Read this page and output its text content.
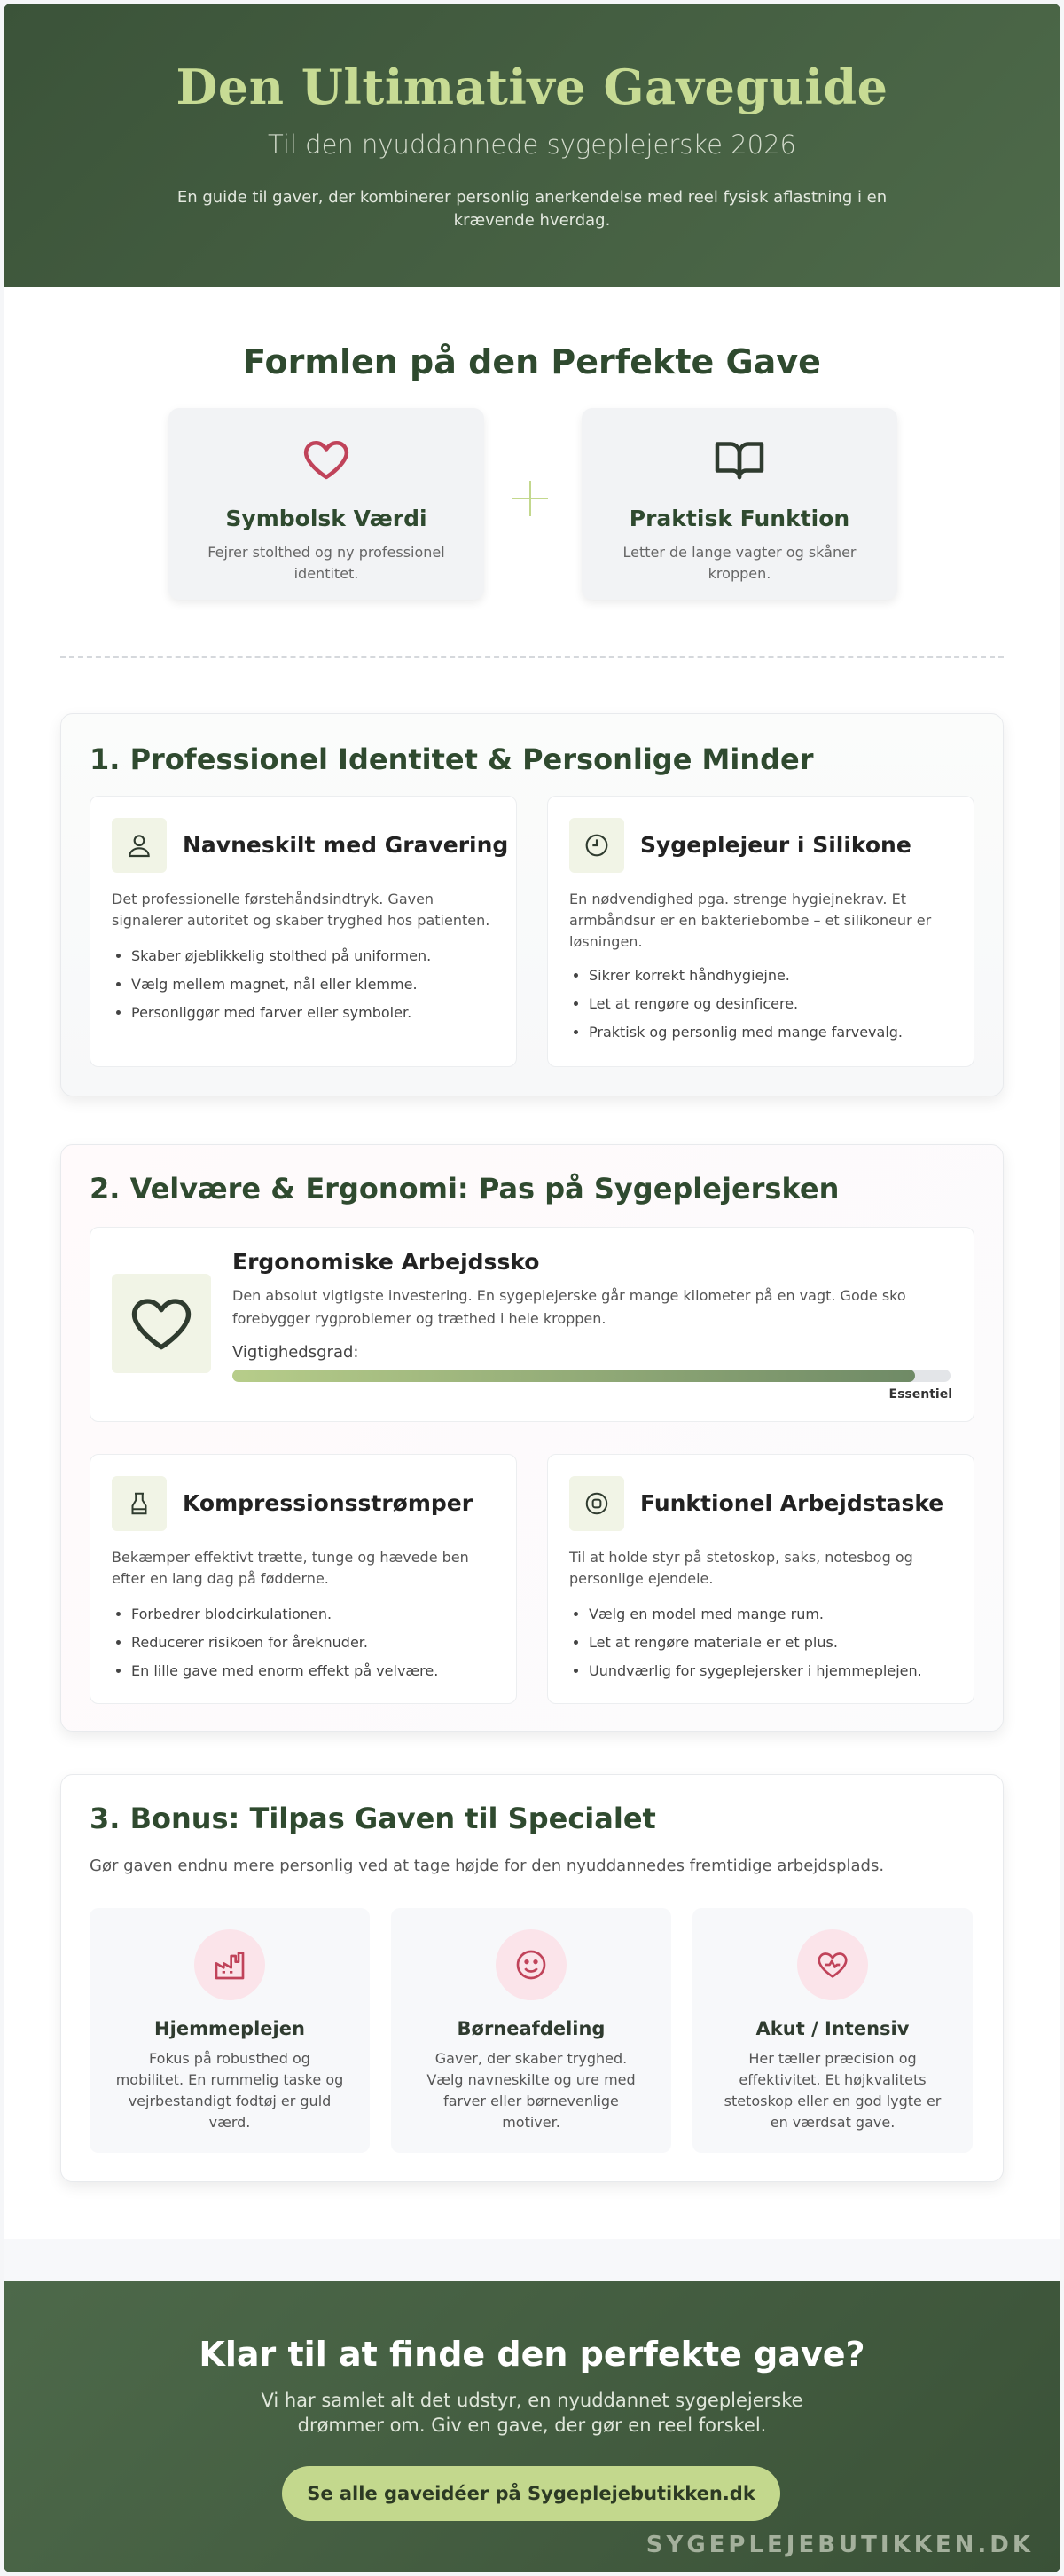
Den Ultimative Gaveguide
Til den nyuddannede sygeplejerske 2026
En guide til gaver, der kombinerer personlig anerkendelse med reel fysisk aflastning i en krævende hverdag.
Formlen på den Perfekte Gave
Symbolsk Værdi

Fejrer stolthed og ny professionel identitet.

Praktisk Funktion

Letter de lange vagter og skåner kroppen.

1. Professionel Identitet & Personlige Minder
Navneskilt med Gravering
Det professionelle førstehåndsindtryk. Gaven signalerer autoritet og skaber tryghed hos patienten.
• Skaber øjeblikkelig stolthed på uniformen.
• Vælg mellem magnet, nål eller klemme.
• Personliggør med farver eller symboler.
Sygeplejeur i Silikone
En nødvendighed pga. strenge hygiejnekrav. Et armbåndsur er en bakteriebombe – et silikoneur er løsningen.
• Sikrer korrekt håndhygiejne.
• Let at rengøre og desinficere.
• Praktisk og personlig med mange farvevalg.
2. Velvære & Ergonomi: Pas på Sygeplejersken
Ergonomiske Arbejdssko
Den absolut vigtigste investering. En sygeplejerske går mange kilometer på en vagt. Gode sko forebygger rygproblemer og træthed i hele kroppen.
Vigtighedsgrad:
Essentiel
Kompressionsstrømper
Bekæmper effektivt trætte, tunge og hævede ben efter en lang dag på fødderne.
• Forbedrer blodcirkulationen.
• Reducerer risikoen for åreknuder.
• En lille gave med enorm effekt på velvære.
Funktionel Arbejdstaske
Til at holde styr på stetoskop, saks, notesbog og personlige ejendele.
• Vælg en model med mange rum.
• Let at rengøre materiale er et plus.
• Uundværlig for sygeplejersker i hjemmeplejen.
3. Bonus: Tilpas Gaven til Specialet
Gør gaven endnu mere personlig ved at tage højde for den nyuddannedes fremtidige arbejdsplads.
Hjemmeplejen

Fokus på robusthed og mobilitet. En rummelig taske og vejrbestandigt fodtøj er guld værd.

Børneafdeling

Gaver, der skaber tryghed. Vælg navneskilte og ure med farver eller børnevenlige motiver.

Akut / Intensiv

Her tæller præcision og effektivitet. Et højkvalitets stetoskop eller en god lygte er en værdsat gave.

Klar til at finde den perfekte gave?

Vi har samlet alt det udstyr, en nyuddannet sygeplejerske drømmer om. Giv en gave, der gør en reel forskel.

Se alle gaveidéer på Sygeplejebutikken.dk
SYGEPLEJEBUTIKKEN.DK
